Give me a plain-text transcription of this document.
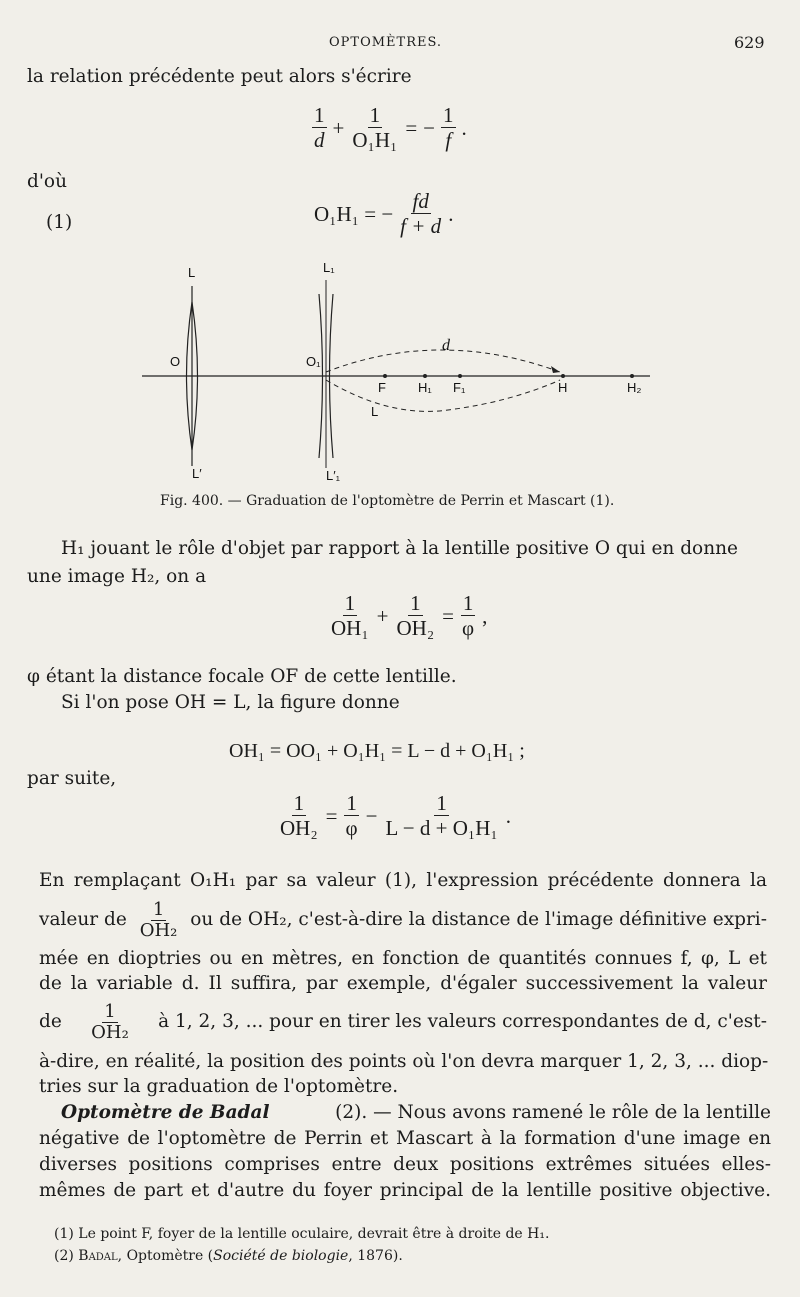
OPTOMÈTRES.	629
la relation précédente peut alors s'écrire
$\frac{1}{d} + \frac{1}{\text{O₁H₁}}$ = − $\frac{1}{f}$ .
d'où
(1)	O₁H₁ = − $\frac{fd}{f + d}$ .
L	L₁
O	O₁
d
F H₁ F₁	H	H₂
L
L′	L′₁
Fig. 400. — Graduation de l'optomètre de Perrin et Mascart (1).
H₁ jouant le rôle d'objet par rapport à la lentille positive O qui en donne
une image H₂, on a
$\frac{1}{\text{OH₁}} + \frac{1}{\text{OH₂}} = \frac{1}{\varphi}$ ,
φ étant la distance focale OF de cette lentille.
Si l'on pose OH = L, la figure donne
OH₁ = OO₁ + O₁H₁ = L − d + O₁H₁ ;
par suite,
$\frac{1}{\text{OH₂}} = \frac{1}{\varphi} - \frac{1}{\text{L − d + O₁H₁}}$ .
En remplaçant O₁H₁ par sa valeur (1), l'expression précédente donnera la
valeur de $\frac{1}{\text{OH₂}}$ ou de OH₂, c'est-à-dire la distance de l'image définitive expri-
mée en dioptries ou en mètres, en fonction de quantités connues f, φ, L et
de la variable d. Il suffira, par exemple, d'égaler successivement la valeur
de $\frac{1}{\text{OH₂}}$ à 1, 2, 3, ... pour en tirer les valeurs correspondantes de d, c'est-
à-dire, en réalité, la position des points où l'on devra marquer 1, 2, 3, ... diop-
tries sur la graduation de l'optomètre.
Optomètre de Badal	(2). — Nous avons ramené le rôle de la lentille
négative de l'optomètre de Perrin et Mascart à la formation d'une image en
diverses positions comprises entre deux positions extrêmes situées elles-
mêmes de part et d'autre du foyer principal de la lentille positive objective.
(1) Le point F, foyer de la lentille oculaire, devrait être à droite de H₁.
(2) Badal, Optomètre (Société de biologie, 1876).
